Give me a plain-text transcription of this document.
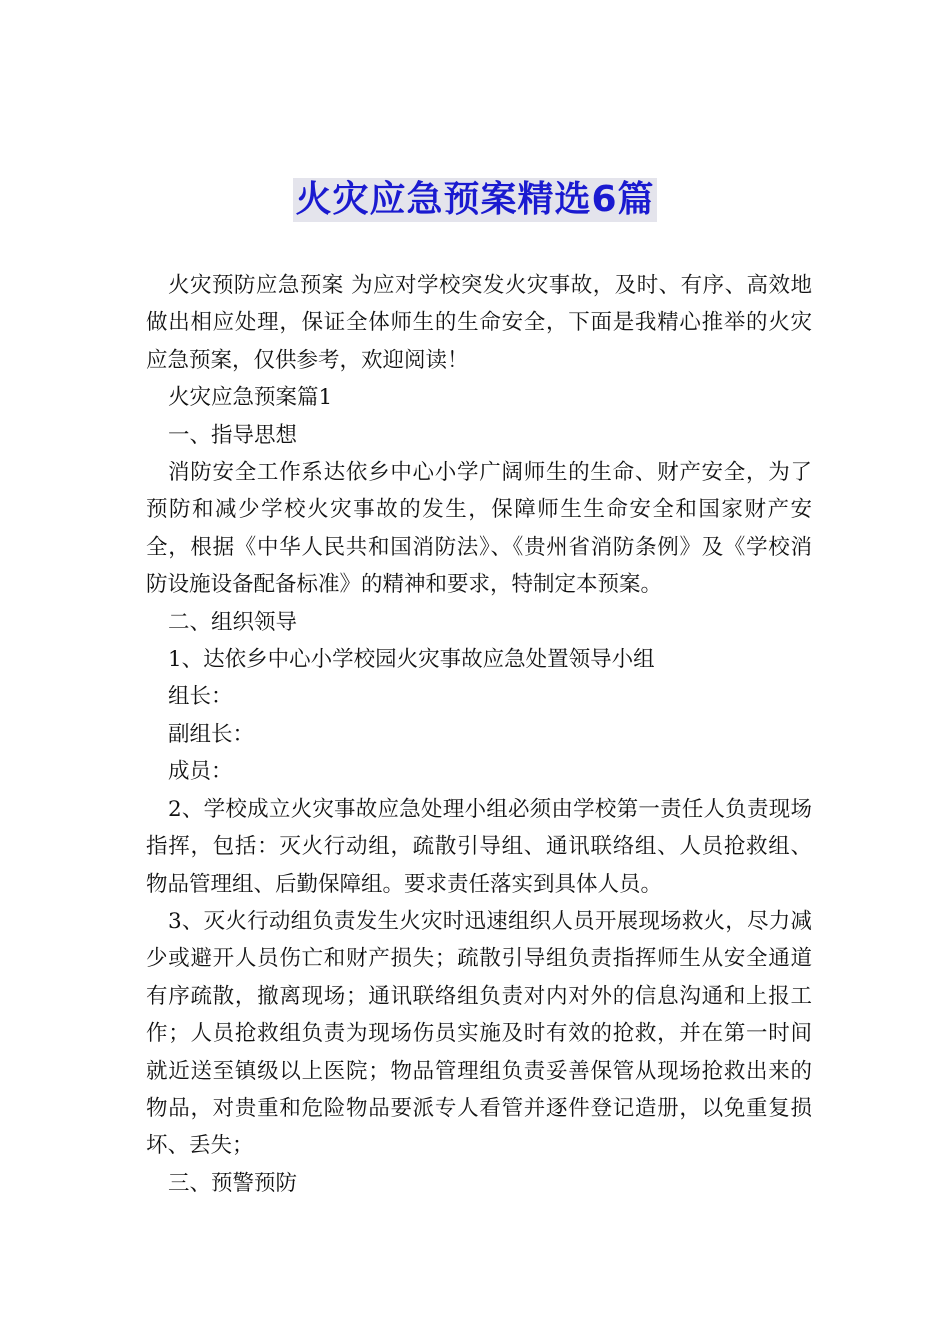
火灾应急预案精选6篇

火灾预防应急预案 为应对学校突发火灾事故，及时、有序、高效地做出相应处理，保证全体师生的生命安全，下面是我精心推举的火灾应急预案，仅供参考，欢迎阅读！

火灾应急预案篇1

一、指导思想

消防安全工作系达依乡中心小学广阔师生的生命、财产安全，为了预防和减少学校火灾事故的发生，保障师生生命安全和国家财产安全，根据《中华人民共和国消防法》、《贵州省消防条例》及《学校消防设施设备配备标准》的精神和要求，特制定本预案。

二、组织领导

1、达依乡中心小学校园火灾事故应急处置领导小组

组长：

副组长：

成员：

2、学校成立火灾事故应急处理小组必须由学校第一责任人负责现场指挥，包括：灭火行动组，疏散引导组、通讯联络组、人员抢救组、物品管理组、后勤保障组。要求责任落实到具体人员。

3、灭火行动组负责发生火灾时迅速组织人员开展现场救火，尽力减少或避开人员伤亡和财产损失；疏散引导组负责指挥师生从安全通道有序疏散，撤离现场；通讯联络组负责对内对外的信息沟通和上报工作；人员抢救组负责为现场伤员实施及时有效的抢救，并在第一时间就近送至镇级以上医院；物品管理组负责妥善保管从现场抢救出来的物品，对贵重和危险物品要派专人看管并逐件登记造册，以免重复损坏、丢失；

三、预警预防
